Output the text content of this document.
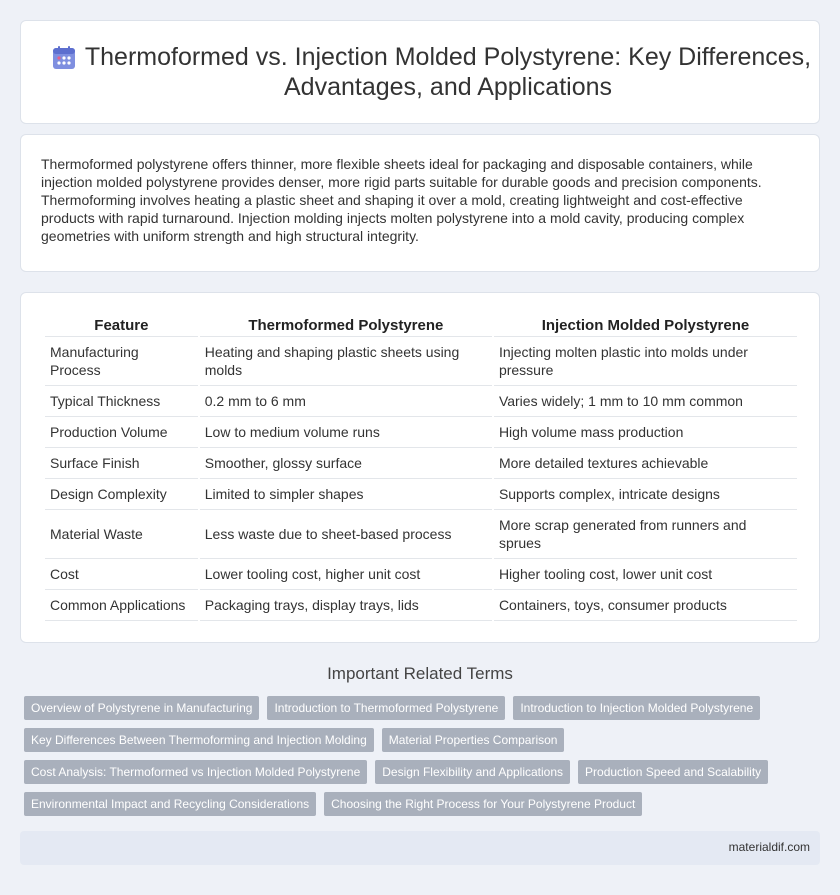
Thermoformed vs. Injection Molded Polystyrene: Key Differences, Advantages, and Applications

Thermoformed polystyrene offers thinner, more flexible sheets ideal for packaging and disposable containers, while injection molded polystyrene provides denser, more rigid parts suitable for durable goods and precision components. Thermoforming involves heating a plastic sheet and shaping it over a mold, creating lightweight and cost-effective products with rapid turnaround. Injection molding injects molten polystyrene into a mold cavity, producing complex geometries with uniform strength and high structural integrity.

Feature	Thermoformed Polystyrene	Injection Molded Polystyrene
Manufacturing Process	Heating and shaping plastic sheets using molds	Injecting molten plastic into molds under pressure
Typical Thickness	0.2 mm to 6 mm	Varies widely; 1 mm to 10 mm common
Production Volume	Low to medium volume runs	High volume mass production
Surface Finish	Smoother, glossy surface	More detailed textures achievable
Design Complexity	Limited to simpler shapes	Supports complex, intricate designs
Material Waste	Less waste due to sheet-based process	More scrap generated from runners and sprues
Cost	Lower tooling cost, higher unit cost	Higher tooling cost, lower unit cost
Common Applications	Packaging trays, display trays, lids	Containers, toys, consumer products
Important Related Terms
Overview of Polystyrene in Manufacturing	Introduction to Thermoformed Polystyrene	Introduction to Injection Molded Polystyrene
Key Differences Between Thermoforming and Injection Molding	Material Properties Comparison
Cost Analysis: Thermoformed vs Injection Molded Polystyrene	Design Flexibility and Applications	Production Speed and Scalability
Environmental Impact and Recycling Considerations	Choosing the Right Process for Your Polystyrene Product
materialdif.com
